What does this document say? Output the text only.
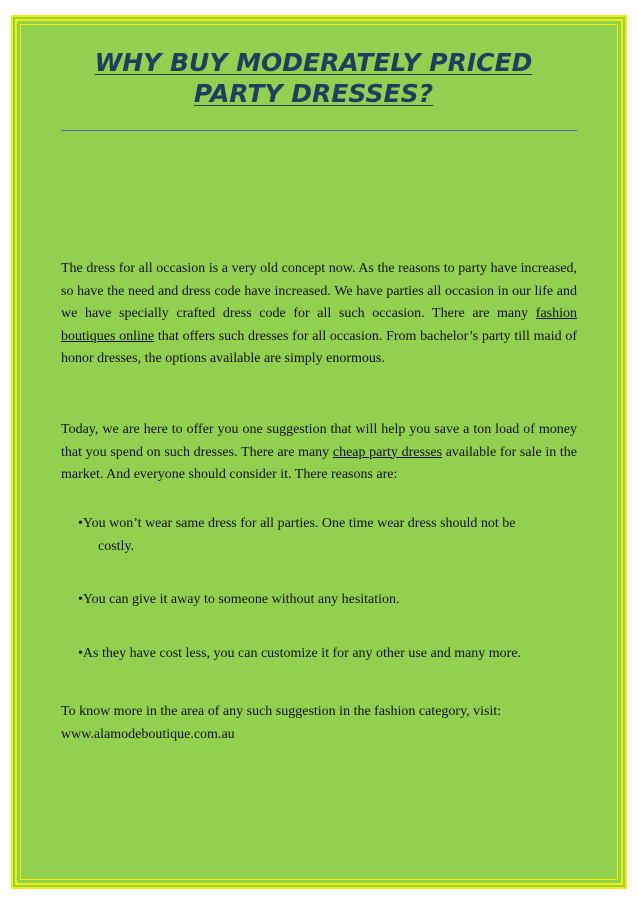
WHY BUY MODERATELY PRICED PARTY DRESSES?

The dress for all occasion is a very old concept now. As the reasons to party have increased, so have the need and dress code have increased. We have parties all occasion in our life and we have specially crafted dress code for all such occasion. There are many fashion boutiques online that offers such dresses for all occasion. From bachelor’s party till maid of honor dresses, the options available are simply enormous.

Today, we are here to offer you one suggestion that will help you save a ton load of money that you spend on such dresses. There are many cheap party dresses available for sale in the market. And everyone should consider it. There reasons are:

•You won’t wear same dress for all parties. One time wear dress should not be
costly.

•You can give it away to someone without any hesitation.

•As they have cost less, you can customize it for any other use and many more.

To know more in the area of any such suggestion in the fashion category, visit:
www.alamodeboutique.com.au
